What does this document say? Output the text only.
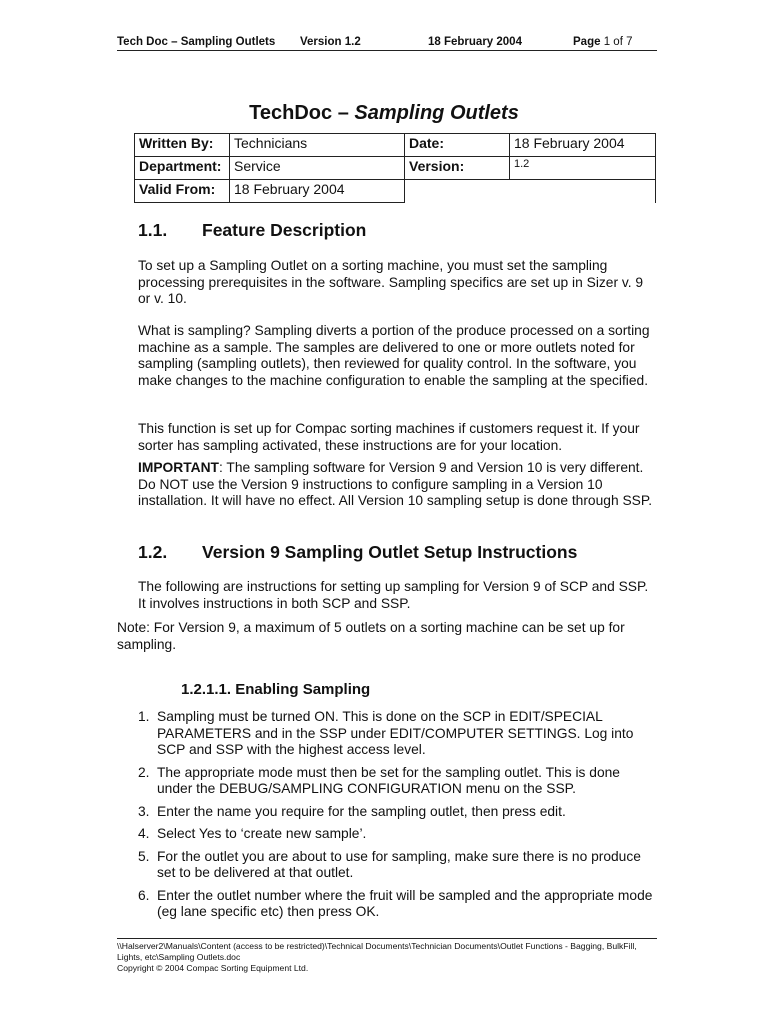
Tech Doc – Sampling Outlets Version 1.2	18 February 2004	Page 1 of 7
TechDoc – Sampling Outlets
Written By:	Technicians	Date:	18 February 2004
Department:	Service	Version:	1.2
Valid From:	18 February 2004		
1.1. Feature Description
To set up a Sampling Outlet on a sorting machine, you must set the sampling processing prerequisites in the software. Sampling specifics are set up in Sizer v. 9 or v. 10.
What is sampling? Sampling diverts a portion of the produce processed on a sorting machine as a sample. The samples are delivered to one or more outlets noted for sampling (sampling outlets), then reviewed for quality control. In the software, you make changes to the machine configuration to enable the sampling at the specified.
This function is set up for Compac sorting machines if customers request it. If your sorter has sampling activated, these instructions are for your location.
IMPORTANT: The sampling software for Version 9 and Version 10 is very different. Do NOT use the Version 9 instructions to configure sampling in a Version 10 installation. It will have no effect. All Version 10 sampling setup is done through SSP.
1.2. Version 9 Sampling Outlet Setup Instructions
The following are instructions for setting up sampling for Version 9 of SCP and SSP. It involves instructions in both SCP and SSP.
Note: For Version 9, a maximum of 5 outlets on a sorting machine can be set up for sampling.
1.2.1.1. Enabling Sampling
1. Sampling must be turned ON. This is done on the SCP in EDIT/SPECIAL PARAMETERS and in the SSP under EDIT/COMPUTER SETTINGS. Log into SCP and SSP with the highest access level.
2. The appropriate mode must then be set for the sampling outlet. This is done under the DEBUG/SAMPLING CONFIGURATION menu on the SSP.
3. Enter the name you require for the sampling outlet, then press edit.
4. Select Yes to ‘create new sample’.
5. For the outlet you are about to use for sampling, make sure there is no produce set to be delivered at that outlet.
6. Enter the outlet number where the fruit will be sampled and the appropriate mode (eg lane specific etc) then press OK.
\\Halserver2\Manuals\Content (access to be restricted)\Technical Documents\Technician Documents\Outlet Functions - Bagging, BulkFill, Lights, etc\Sampling Outlets.doc
Copyright © 2004 Compac Sorting Equipment Ltd.
